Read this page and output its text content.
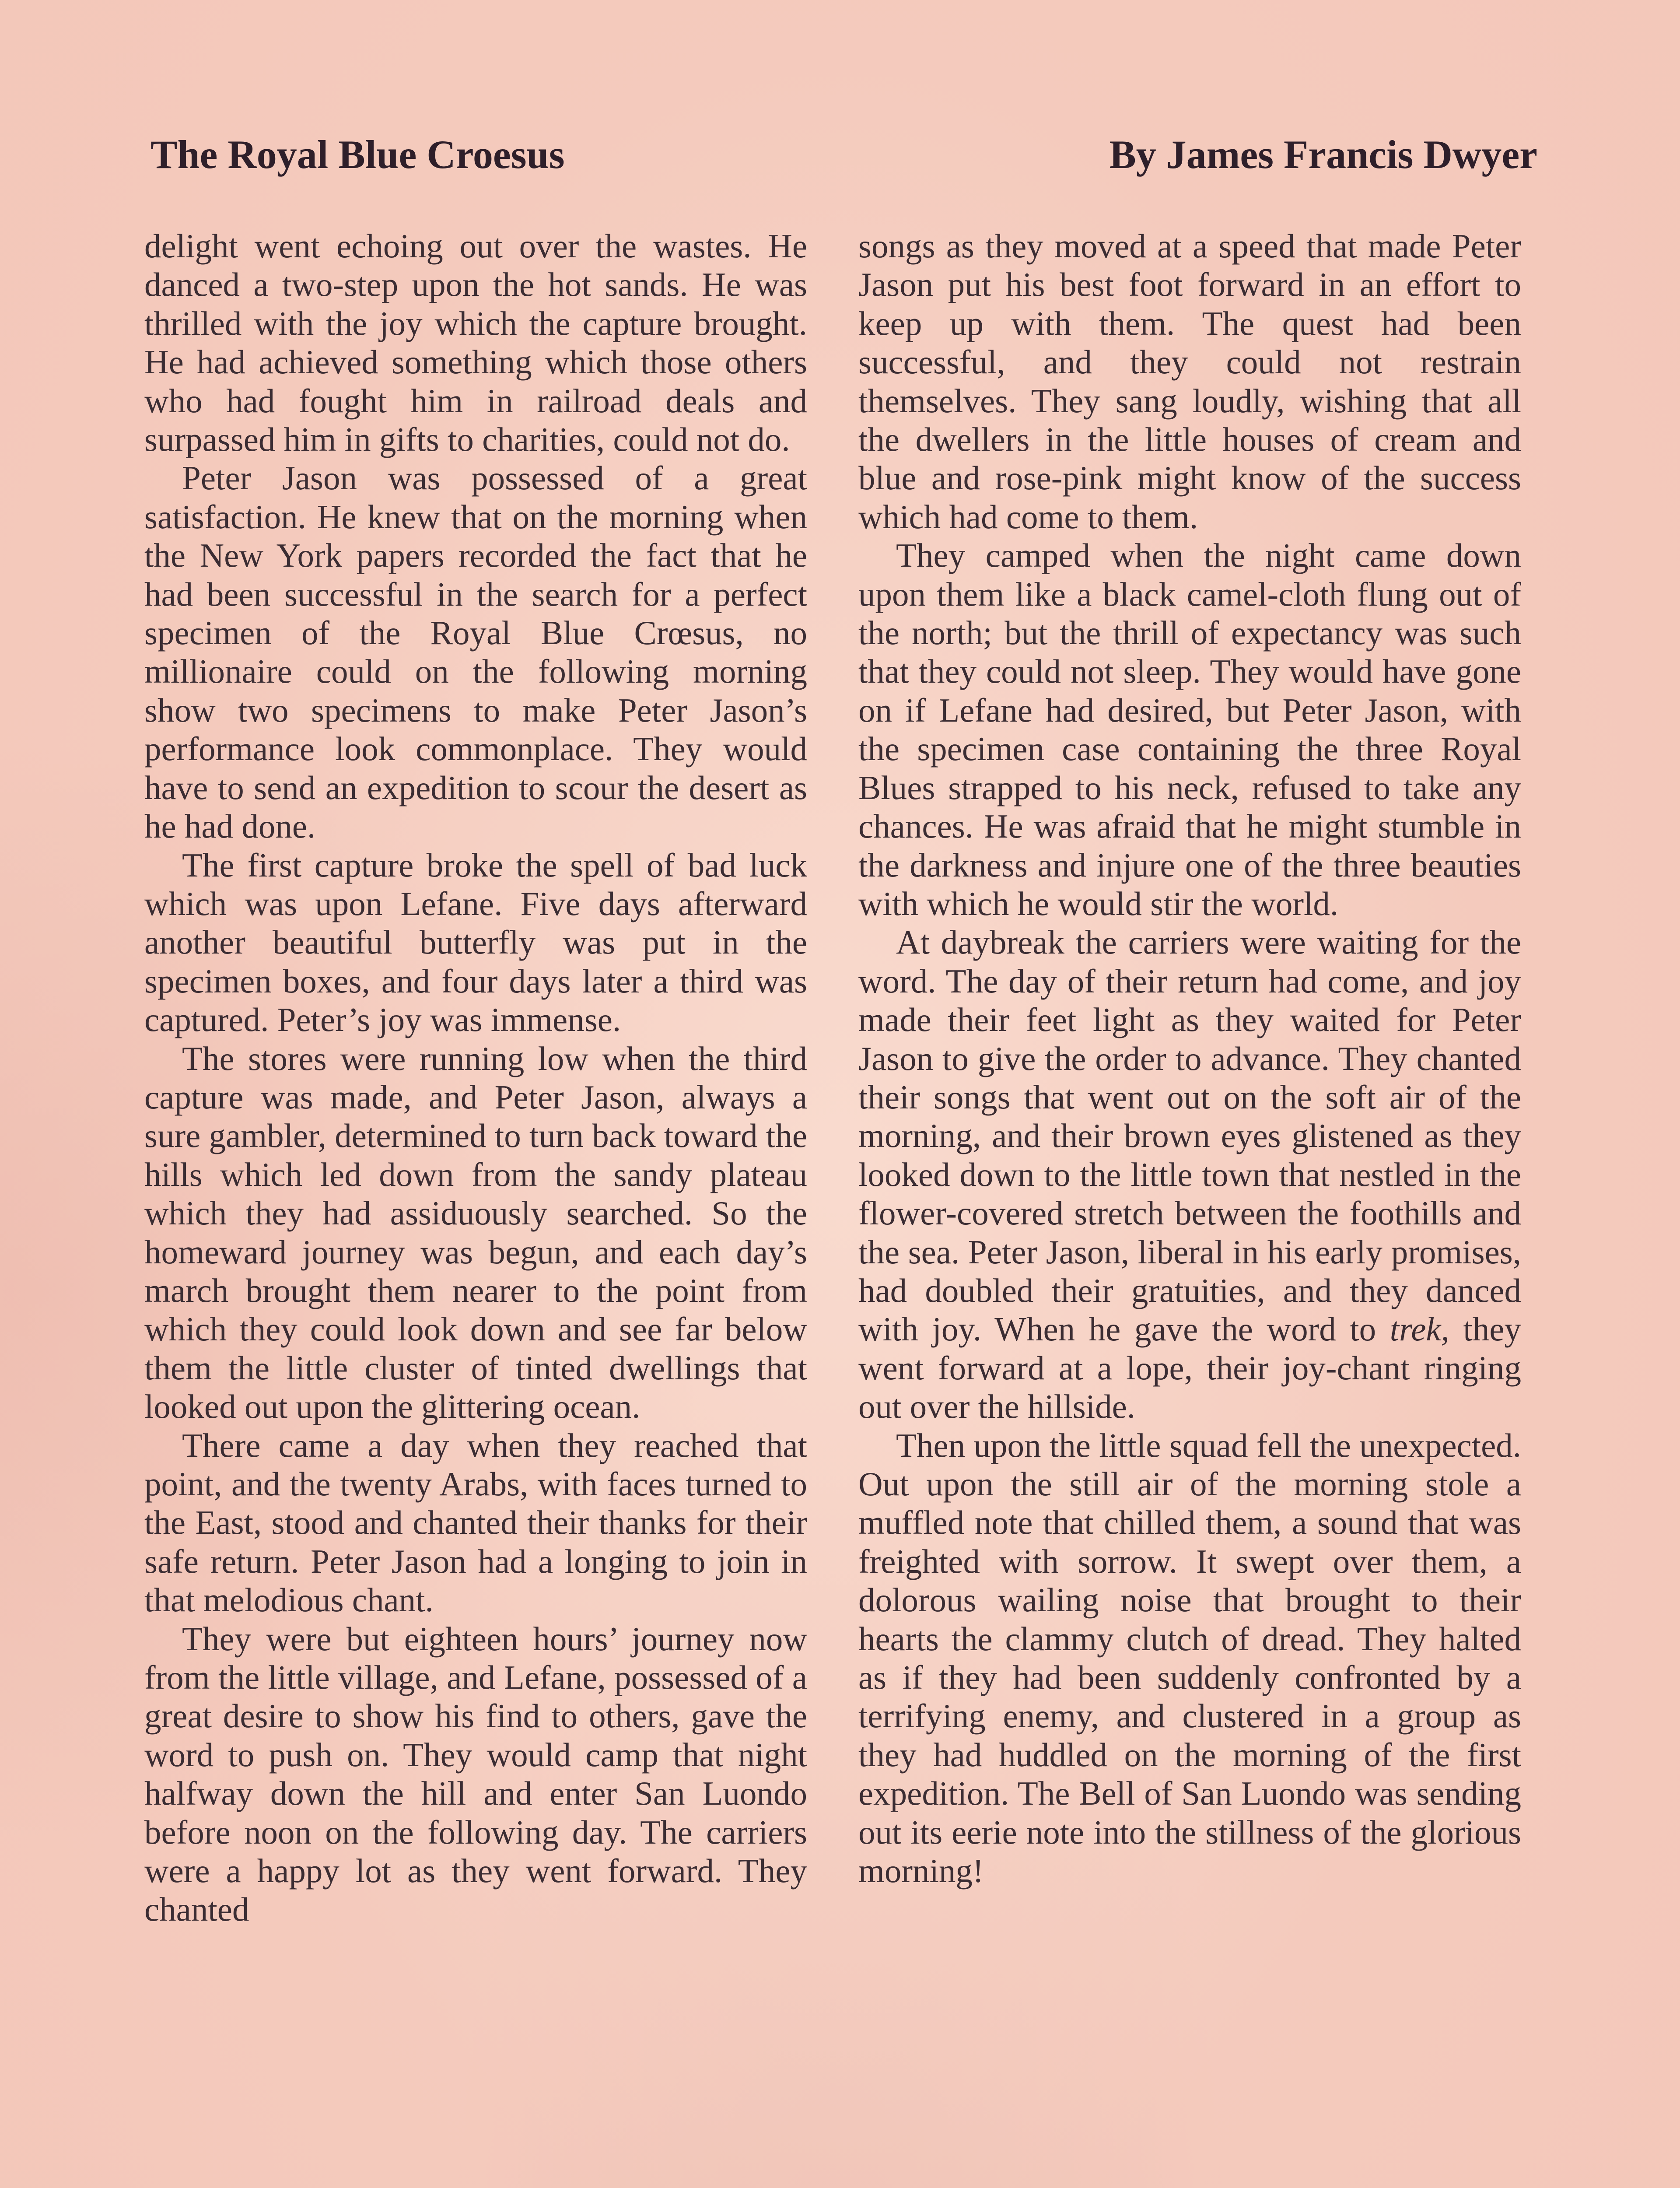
The Royal Blue Croesus	By James Francis Dwyer

delight went echoing out over the wastes. He danced a two-step upon the hot sands. He was thrilled with the joy which the capture brought. He had achieved something which those others who had fought him in railroad deals and surpassed him in gifts to charities, could not do.

Peter Jason was possessed of a great satisfaction. He knew that on the morning when the New York papers recorded the fact that he had been successful in the search for a perfect specimen of the Royal Blue Crœsus, no millionaire could on the following morning show two specimens to make Peter Jason’s performance look commonplace. They would have to send an expedition to scour the desert as he had done.

The first capture broke the spell of bad luck which was upon Lefane. Five days afterward another beautiful butterfly was put in the specimen boxes, and four days later a third was captured. Peter’s joy was immense.

The stores were running low when the third capture was made, and Peter Jason, always a sure gambler, determined to turn back toward the hills which led down from the sandy plateau which they had assiduously searched. So the homeward journey was begun, and each day’s march brought them nearer to the point from which they could look down and see far below them the little cluster of tinted dwellings that looked out upon the glittering ocean.

There came a day when they reached that point, and the twenty Arabs, with faces turned to the East, stood and chanted their thanks for their safe return. Peter Jason had a longing to join in that melodious chant.

They were but eighteen hours’ journey now from the little village, and Lefane, possessed of a great desire to show his find to others, gave the word to push on. They would camp that night halfway down the hill and enter San Luondo before noon on the following day. The carriers were a happy lot as they went forward. They chanted

songs as they moved at a speed that made Peter Jason put his best foot forward in an effort to keep up with them. The quest had been successful, and they could not restrain themselves. They sang loudly, wishing that all the dwellers in the little houses of cream and blue and rose-pink might know of the success which had come to them.

They camped when the night came down upon them like a black camel-cloth flung out of the north; but the thrill of expectancy was such that they could not sleep. They would have gone on if Lefane had desired, but Peter Jason, with the specimen case containing the three Royal Blues strapped to his neck, refused to take any chances. He was afraid that he might stumble in the darkness and injure one of the three beauties with which he would stir the world.

At daybreak the carriers were waiting for the word. The day of their return had come, and joy made their feet light as they waited for Peter Jason to give the order to advance. They chanted their songs that went out on the soft air of the morning, and their brown eyes glistened as they looked down to the little town that nestled in the flower-covered stretch between the foothills and the sea. Peter Jason, liberal in his early promises, had doubled their gratuities, and they danced with joy. When he gave the word to trek, they went forward at a lope, their joy-chant ringing out over the hillside.

Then upon the little squad fell the unexpected. Out upon the still air of the morning stole a muffled note that chilled them, a sound that was freighted with sorrow. It swept over them, a dolorous wailing noise that brought to their hearts the clammy clutch of dread. They halted as if they had been suddenly confronted by a terrifying enemy, and clustered in a group as they had huddled on the morning of the first expedition. The Bell of San Luondo was sending out its eerie note into the stillness of the glorious morning!
